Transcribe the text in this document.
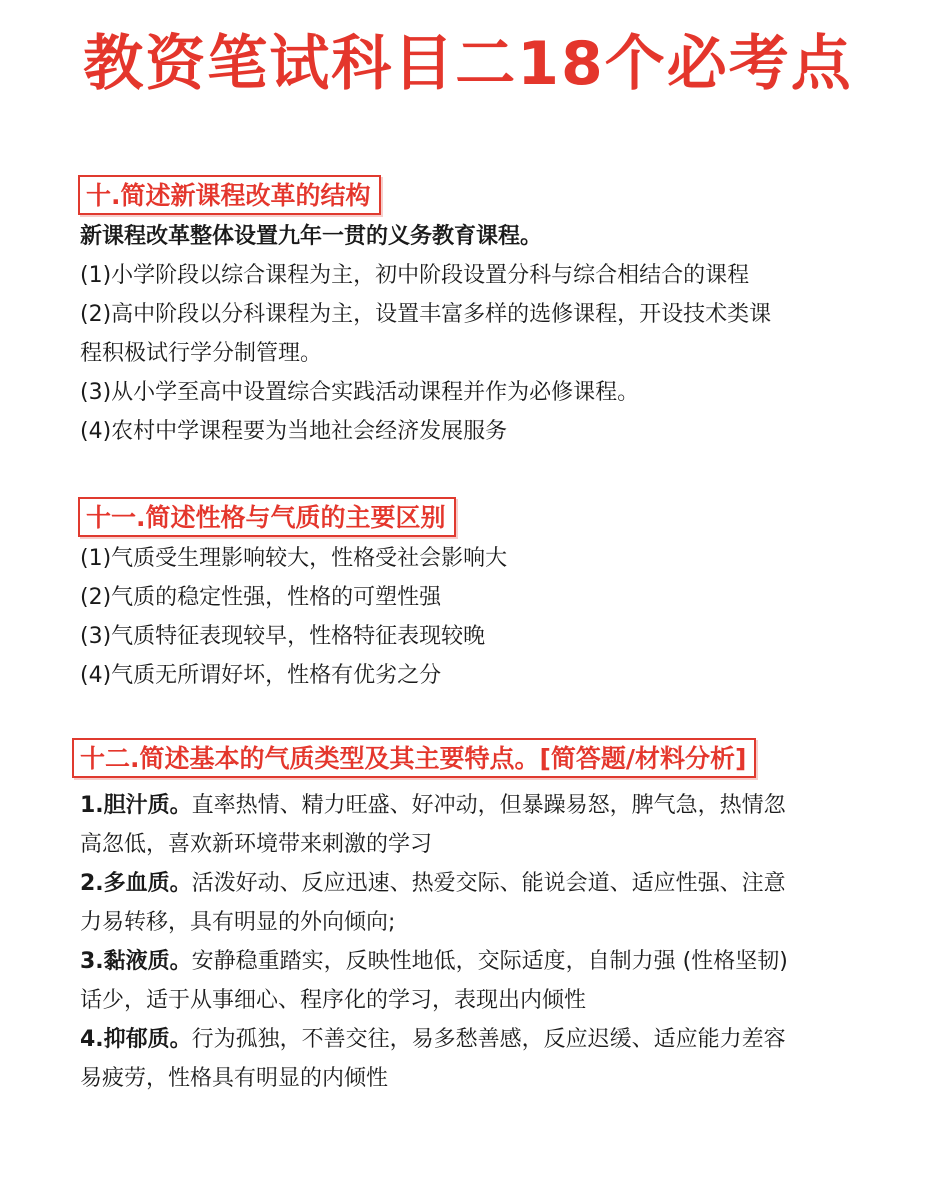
教资笔试科目二18个必考点
十.简述新课程改革的结构
新课程改革整体设置九年一贯的义务教育课程。
(1)小学阶段以综合课程为主，初中阶段设置分科与综合相结合的课程
(2)高中阶段以分科课程为主，设置丰富多样的选修课程，开设技术类课
程积极试行学分制管理。
(3)从小学至高中设置综合实践活动课程并作为必修课程。
(4)农村中学课程要为当地社会经济发展服务
十一.简述性格与气质的主要区别
(1)气质受生理影响较大，性格受社会影响大
(2)气质的稳定性强，性格的可塑性强
(3)气质特征表现较早，性格特征表现较晚
(4)气质无所谓好坏，性格有优劣之分
十二.简述基本的气质类型及其主要特点。[简答题/材料分析]
1.胆汁质。直率热情、精力旺盛、好冲动，但暴躁易怒，脾气急，热情忽
高忽低，喜欢新环境带来刺激的学习
2.多血质。活泼好动、反应迅速、热爱交际、能说会道、适应性强、注意
力易转移，具有明显的外向倾向;
3.黏液质。安静稳重踏实，反映性地低，交际适度，自制力强 (性格坚韧)
话少，适于从事细心、程序化的学习，表现出内倾性
4.抑郁质。行为孤独，不善交往，易多愁善感，反应迟缓、适应能力差容
易疲劳，性格具有明显的内倾性
